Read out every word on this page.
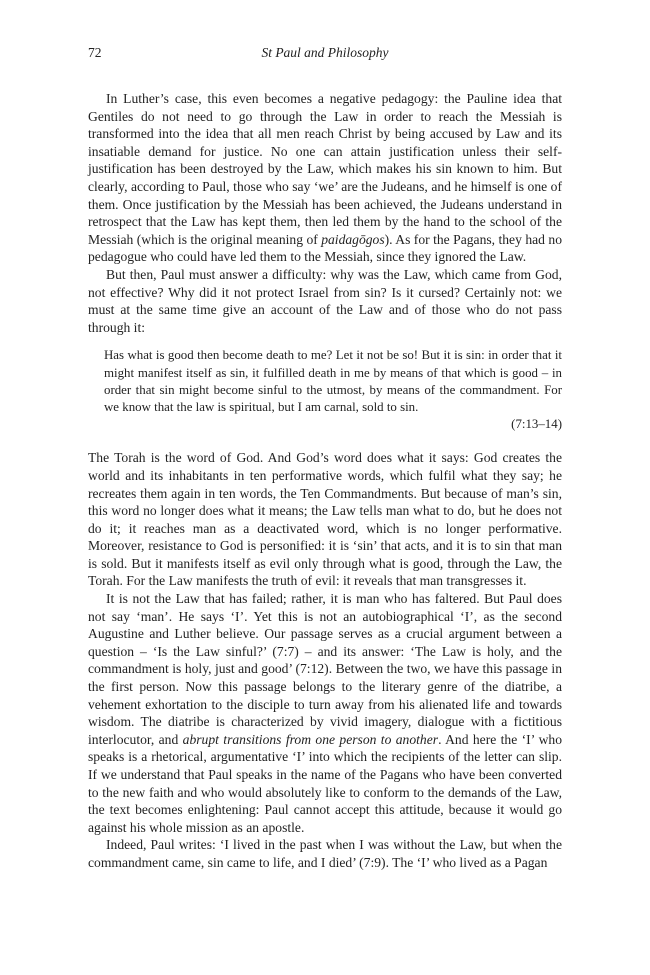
72	St Paul and Philosophy

In Luther’s case, this even becomes a negative pedagogy: the Pauline idea that Gentiles do not need to go through the Law in order to reach the Messiah is transformed into the idea that all men reach Christ by being accused by Law and its insatiable demand for justice. No one can attain justification unless their self-justification has been destroyed by the Law, which makes his sin known to him. But clearly, according to Paul, those who say ‘we’ are the Judeans, and he himself is one of them. Once justification by the Messiah has been achieved, the Judeans understand in retrospect that the Law has kept them, then led them by the hand to the school of the Messiah (which is the original meaning of paidagōgos). As for the Pagans, they had no pedagogue who could have led them to the Messiah, since they ignored the Law.

But then, Paul must answer a difficulty: why was the Law, which came from God, not effective? Why did it not protect Israel from sin? Is it cursed? Certainly not: we must at the same time give an account of the Law and of those who do not pass through it:

Has what is good then become death to me? Let it not be so! But it is sin: in order that it might manifest itself as sin, it fulfilled death in me by means of that which is good – in order that sin might become sinful to the utmost, by means of the commandment. For we know that the law is spiritual, but I am carnal, sold to sin.

(7:13–14)

The Torah is the word of God. And God’s word does what it says: God creates the world and its inhabitants in ten performative words, which fulfil what they say; he recreates them again in ten words, the Ten Commandments. But because of man’s sin, this word no longer does what it means; the Law tells man what to do, but he does not do it; it reaches man as a deactivated word, which is no longer performative. Moreover, resistance to God is personified: it is ‘sin’ that acts, and it is to sin that man is sold. But it manifests itself as evil only through what is good, through the Law, the Torah. For the Law manifests the truth of evil: it reveals that man transgresses it.

It is not the Law that has failed; rather, it is man who has faltered. But Paul does not say ‘man’. He says ‘I’. Yet this is not an autobiographical ‘I’, as the second Augustine and Luther believe. Our passage serves as a crucial argument between a question – ‘Is the Law sinful?’ (7:7) – and its answer: ‘The Law is holy, and the commandment is holy, just and good’ (7:12). Between the two, we have this passage in the first person. Now this passage belongs to the literary genre of the diatribe, a vehement exhortation to the disciple to turn away from his alienated life and towards wisdom. The diatribe is characterized by vivid imagery, dialogue with a fictitious interlocutor, and abrupt transitions from one person to another. And here the ‘I’ who speaks is a rhetorical, argumentative ‘I’ into which the recipients of the letter can slip. If we understand that Paul speaks in the name of the Pagans who have been converted to the new faith and who would absolutely like to conform to the demands of the Law, the text becomes enlightening: Paul cannot accept this attitude, because it would go against his whole mission as an apostle.

Indeed, Paul writes: ‘I lived in the past when I was without the Law, but when the commandment came, sin came to life, and I died’ (7:9). The ‘I’ who lived as a Pagan
